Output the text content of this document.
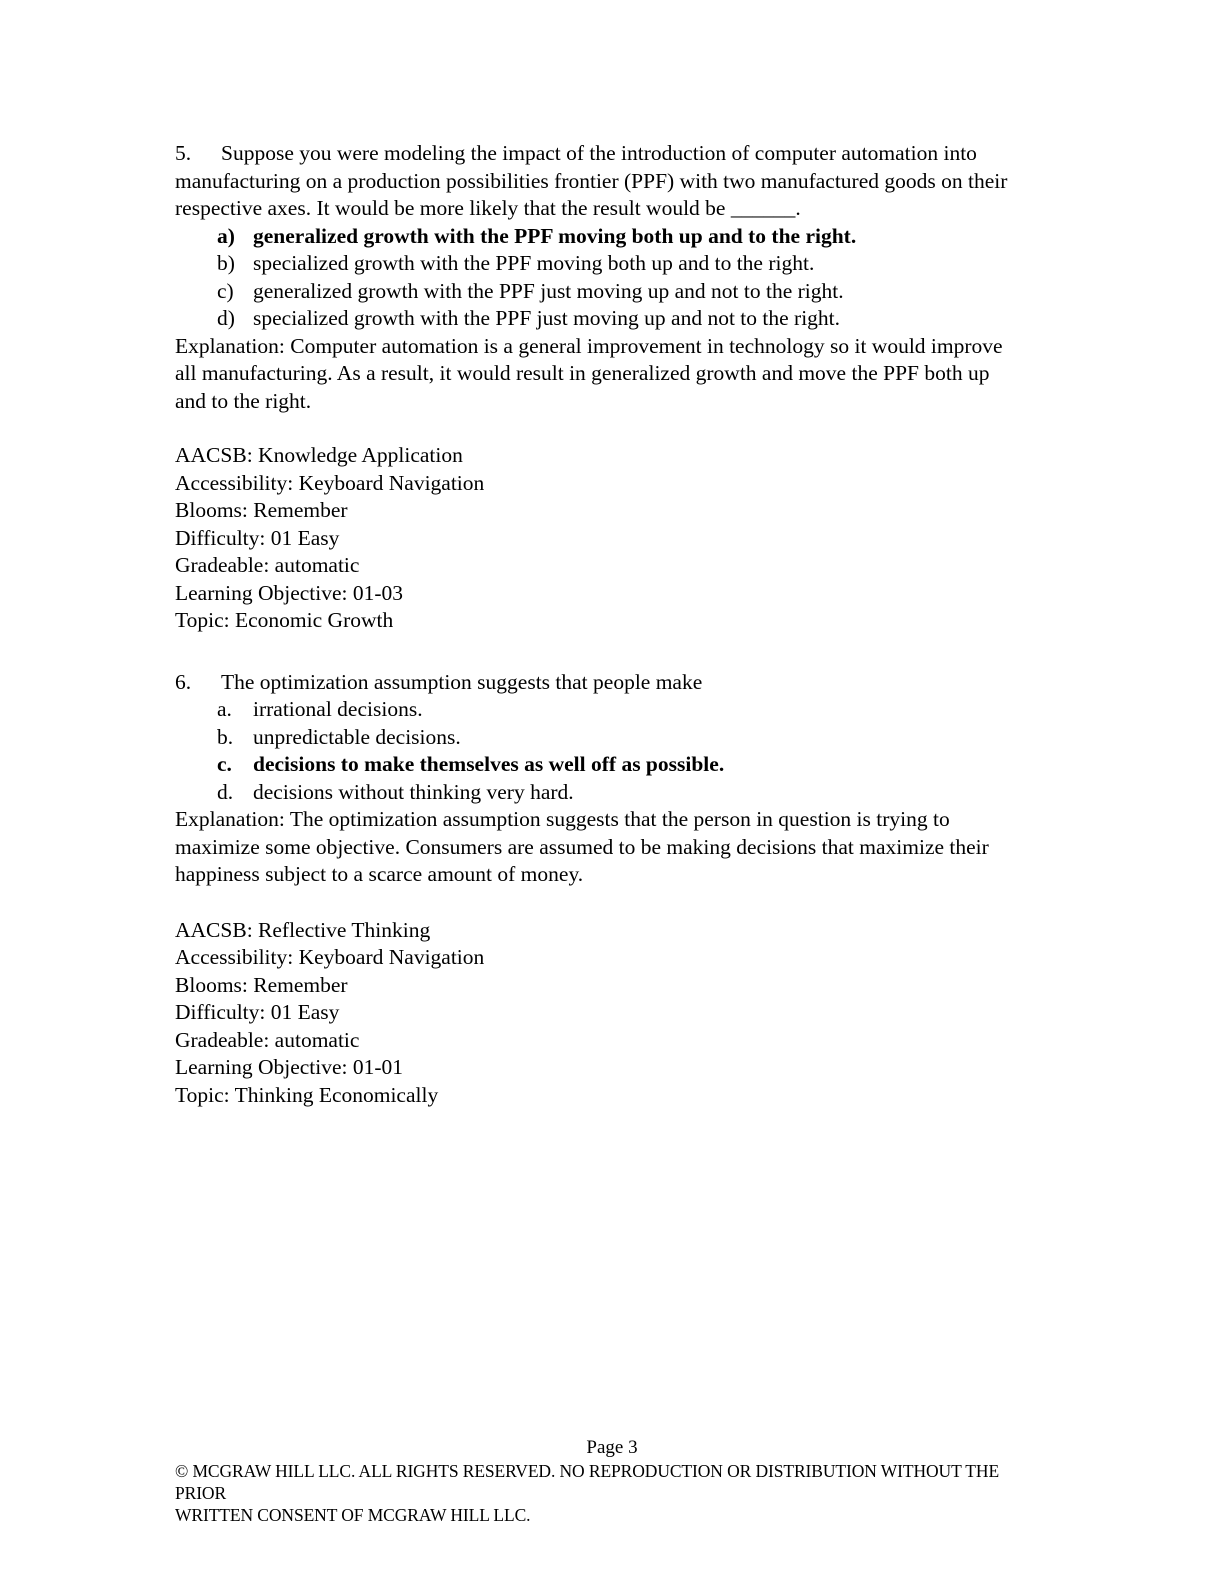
5. Suppose you were modeling the impact of the introduction of computer automation into manufacturing on a production possibilities frontier (PPF) with two manufactured goods on their respective axes. It would be more likely that the result would be ______.

a) generalized growth with the PPF moving both up and to the right.
b) specialized growth with the PPF moving both up and to the right.
c) generalized growth with the PPF just moving up and not to the right.
d) specialized growth with the PPF just moving up and not to the right.

Explanation: Computer automation is a general improvement in technology so it would improve all manufacturing. As a result, it would result in generalized growth and move the PPF both up and to the right.

AACSB: Knowledge Application
Accessibility: Keyboard Navigation
Blooms: Remember
Difficulty: 01 Easy
Gradeable: automatic
Learning Objective: 01-03
Topic: Economic Growth

6. The optimization assumption suggests that people make

a. irrational decisions.
b. unpredictable decisions.
c. decisions to make themselves as well off as possible.
d. decisions without thinking very hard.

Explanation: The optimization assumption suggests that the person in question is trying to maximize some objective. Consumers are assumed to be making decisions that maximize their happiness subject to a scarce amount of money.

AACSB: Reflective Thinking
Accessibility: Keyboard Navigation
Blooms: Remember
Difficulty: 01 Easy
Gradeable: automatic
Learning Objective: 01-01
Topic: Thinking Economically
Page 3
© MCGRAW HILL LLC. ALL RIGHTS RESERVED. NO REPRODUCTION OR DISTRIBUTION WITHOUT THE PRIOR
WRITTEN CONSENT OF MCGRAW HILL LLC.
